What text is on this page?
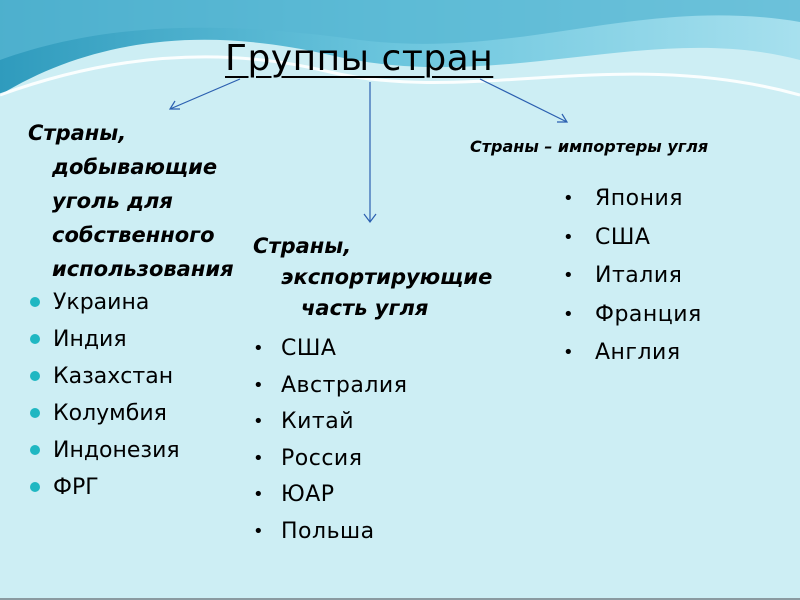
Группы стран
Страны,
добывающие
уголь для
собственного
использования
Украина
Индия
Казахстан
Колумбия
Индонезия
ФРГ
Страны,
экспортирующие
часть угля
• США
• Австралия
• Китай
• Россия
• ЮАР
• Польша
Страны – импортеры угля
• Япония
• США
• Италия
• Франция
• Англия
